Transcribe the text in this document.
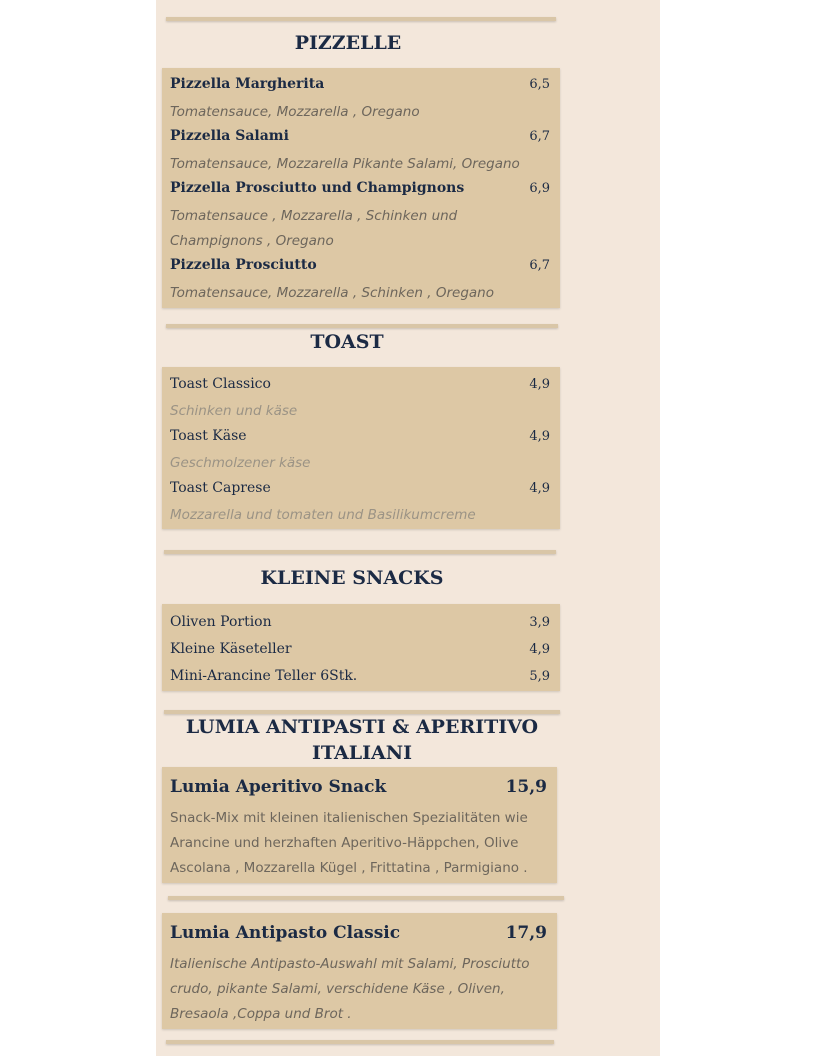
PIZZELLE
Pizzella Margherita	6,5
Tomatensauce, Mozzarella , Oregano
Pizzella Salami	6,7
Tomatensauce, Mozzarella Pikante Salami, Oregano
Pizzella Prosciutto und Champignons	6,9
Tomatensauce , Mozzarella , Schinken und
Champignons , Oregano
Pizzella Prosciutto	6,7
Tomatensauce, Mozzarella , Schinken , Oregano
TOAST
Toast Classico	4,9
Schinken und käse
Toast Käse	4,9
Geschmolzener käse
Toast Caprese	4,9
Mozzarella und tomaten und Basilikumcreme
KLEINE SNACKS
Oliven Portion	3,9
Kleine Käseteller	4,9
Mini-Arancine Teller 6Stk.	5,9
LUMIA ANTIPASTI & APERITIVO
ITALIANI
Lumia Aperitivo Snack	15,9
Snack-Mix mit kleinen italienischen Spezialitäten wie Arancine und herzhaften Aperitivo-Häppchen, Olive Ascolana , Mozzarella Kügel , Frittatina , Parmigiano .
Lumia Antipasto Classic	17,9
Italienische Antipasto-Auswahl mit Salami, Prosciutto crudo, pikante Salami, verschidene Käse , Oliven, Bresaola ,Coppa und Brot .
